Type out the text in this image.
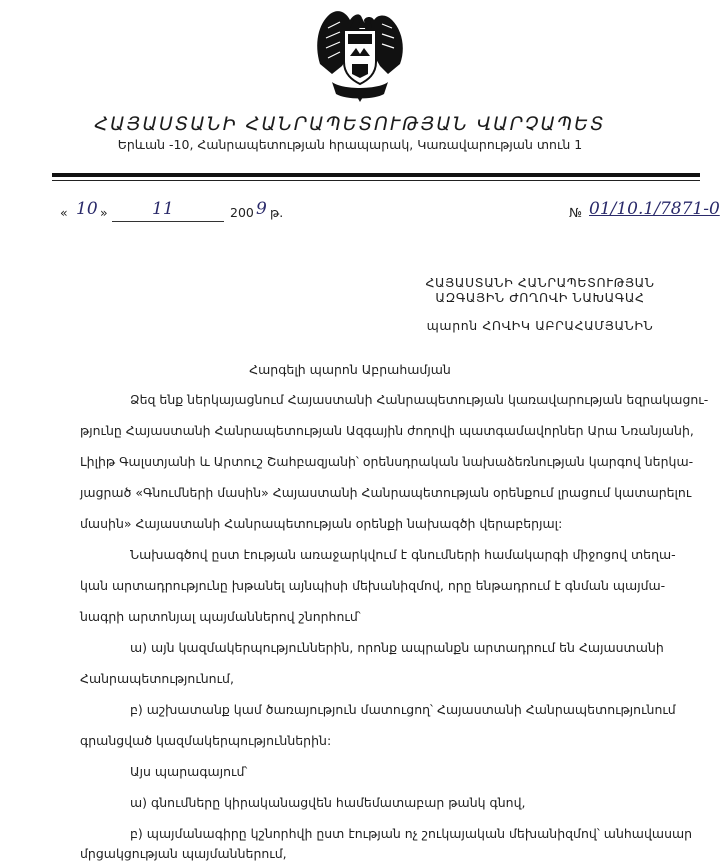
ՀԱՅԱՍՏԱՆԻ ՀԱՆՐԱՊԵՏՈՒԹՅԱՆ ՎԱՐՉԱՊԵՏ
Երևան -10, Հանրապետության հրապարակ, Կառավարության տուն 1
« 10 »	11	200 9 թ.	№ 01/10.1/7871-0
ՀԱՅԱՍՏԱՆԻ ՀԱՆՐԱՊԵՏՈՒԹՅԱՆ
ԱԶԳԱՅԻՆ ԺՈՂՈՎԻ ՆԱԽԱԳԱՀ
պարոն ՀՈՎԻԿ ԱԲՐԱՀԱՄՅԱՆԻՆ
Հարգելի պարոն Աբրահամյան
Ձեզ ենք ներկայացնում Հայաստանի Հանրապետության կառավարության եզրակացու-
թյունը Հայաստանի Հանրապետության Ազգային ժողովի պատգամավորներ Արա Նռանյանի,
Լիլիթ Գալստյանի և Արտուշ Շահբազյանի՝ օրենսդրական նախաձեռնության կարգով ներկա-
յացրած «Գնումների մասին» Հայաստանի Հանրապետության օրենքում լրացում կատարելու
մասին» Հայաստանի Հանրապետության օրենքի նախագծի վերաբերյալ:
Նախագծով ըստ էության առաջարկվում է գնումների համակարգի միջոցով տեղա-
կան արտադրությունը խթանել այնպիսի մեխանիզմով, որը ենթադրում է գնման պայմա-
նագրի արտոնյալ պայմաններով շնորհում՝
ա) այն կազմակերպություններին, որոնք ապրանքն արտադրում են Հայաստանի
Հանրապետությունում,
բ) աշխատանք կամ ծառայություն մատուցող՝ Հայաստանի Հանրապետությունում
գրանցված կազմակերպություններին:
Այս պարագայում՝
ա) գնումները կիրականացվեն համեմատաբար թանկ գնով,
բ) պայմանագիրը կշնորհվի ըստ էության ոչ շուկայական մեխանիզմով՝ անհավասար
մրցակցության պայմաններում,
